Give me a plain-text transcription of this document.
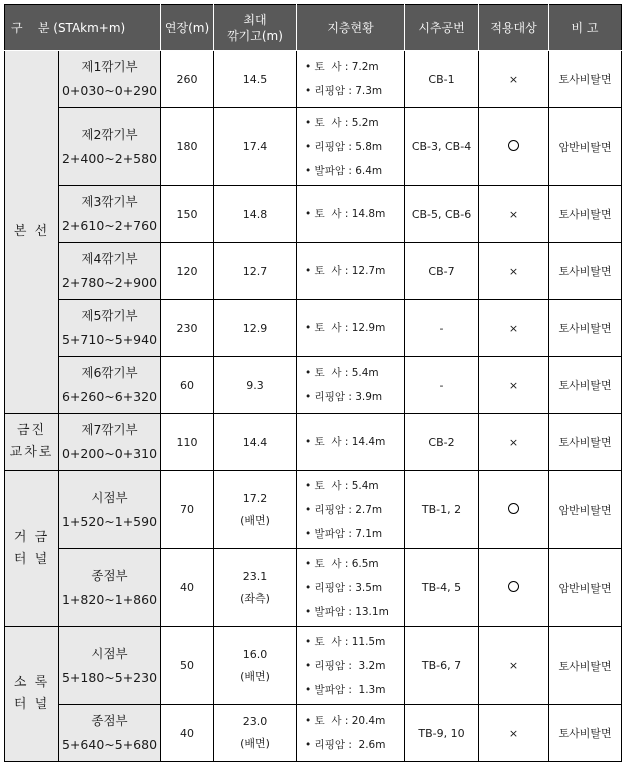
구    분 (STAkm+m)		연장(m)	최대
깎기고(m)	지층현황	시추공번	적용대상	비 고

본 선	제1깎기부
0+030~0+290	260	14.5	• 토  사 : 7.2m
• 리핑암 : 7.3m	CB-1	×	토사비탈면

	제2깎기부
2+400~2+580	180	17.4	• 토  사 : 5.2m
• 리핑암 : 5.8m
• 발파암 : 6.4m	CB-3, CB-4		암반비탈면

	제3깎기부
2+610~2+760	150	14.8	• 토  사 : 14.8m	CB-5, CB-6	×	토사비탈면

	제4깎기부
2+780~2+900	120	12.7	• 토  사 : 12.7m	CB-7	×	토사비탈면

	제5깎기부
5+710~5+940	230	12.9	• 토  사 : 12.9m	-	×	토사비탈면

	제6깎기부
6+260~6+320	60	9.3	• 토  사 : 5.4m
• 리핑암 : 3.9m	-	×	토사비탈면

금진
교차로	제7깎기부
0+200~0+310	110	14.4	• 토  사 : 14.4m	CB-2	×	토사비탈면

거 금
터 널	시점부
1+520~1+590	70	17.2
(배면)	• 토  사 : 5.4m
• 리핑암 : 2.7m
• 발파암 : 7.1m	TB-1, 2		암반비탈면

	종점부
1+820~1+860	40	23.1
(좌측)	• 토  사 : 6.5m
• 리핑암 : 3.5m
• 발파암 : 13.1m	TB-4, 5		암반비탈면

소 록
터 널	시점부
5+180~5+230	50	16.0
(배면)	• 토  사 : 11.5m
• 리핑암 :  3.2m
• 발파암 :  1.3m	TB-6, 7	×	토사비탈면

	종점부
5+640~5+680	40	23.0
(배면)	• 토  사 : 20.4m
• 리핑암 :  2.6m	TB-9, 10	×	토사비탈면
